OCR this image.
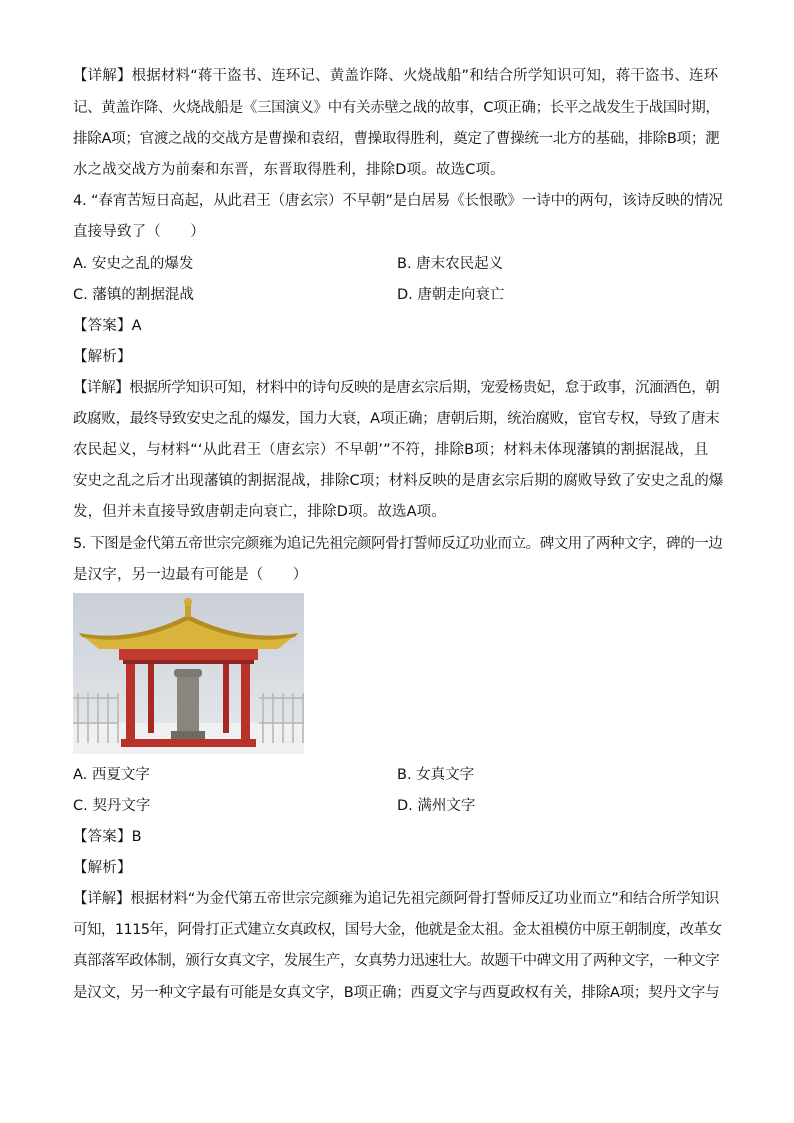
【详解】根据材料“蒋干盗书、连环记、黄盖诈降、火烧战船”和结合所学知识可知，蒋干盗书、连环
记、黄盖诈降、火烧战船是《三国演义》中有关赤壁之战的故事，C项正确；长平之战发生于战国时期，
排除A项；官渡之战的交战方是曹操和袁绍，曹操取得胜利，奠定了曹操统一北方的基础，排除B项；淝
水之战交战方为前秦和东晋，东晋取得胜利，排除D项。故选C项。
4. “春宵苦短日高起，从此君王（唐玄宗）不早朝”是白居易《长恨歌》一诗中的两句，该诗反映的情况
直接导致了（　　）
A. 安史之乱的爆发	B. 唐末农民起义
C. 藩镇的割据混战	D. 唐朝走向衰亡
【答案】A
【解析】
【详解】根据所学知识可知，材料中的诗句反映的是唐玄宗后期，宠爱杨贵妃，怠于政事，沉湎酒色，朝
政腐败，最终导致安史之乱的爆发，国力大衰，A项正确；唐朝后期，统治腐败，宦官专权，导致了唐末
农民起义，与材料“‘从此君王（唐玄宗）不早朝’”不符，排除B项；材料未体现藩镇的割据混战，且
安史之乱之后才出现藩镇的割据混战，排除C项；材料反映的是唐玄宗后期的腐败导致了安史之乱的爆
发，但并未直接导致唐朝走向衰亡，排除D项。故选A项。
5. 下图是金代第五帝世宗完颜雍为追记先祖完颜阿骨打誓师反辽功业而立。碑文用了两种文字，碑的一边
是汉字，另一边最有可能是（　　）
A. 西夏文字	B. 女真文字
C. 契丹文字	D. 满州文字
【答案】B
【解析】
【详解】根据材料“为金代第五帝世宗完颜雍为追记先祖完颜阿骨打誓师反辽功业而立”和结合所学知识
可知，1115年，阿骨打正式建立女真政权，国号大金，他就是金太祖。金太祖模仿中原王朝制度，改革女
真部落军政体制，颁行女真文字，发展生产，女真势力迅速壮大。故题干中碑文用了两种文字，一种文字
是汉文，另一种文字最有可能是女真文字，B项正确；西夏文字与西夏政权有关，排除A项；契丹文字与
